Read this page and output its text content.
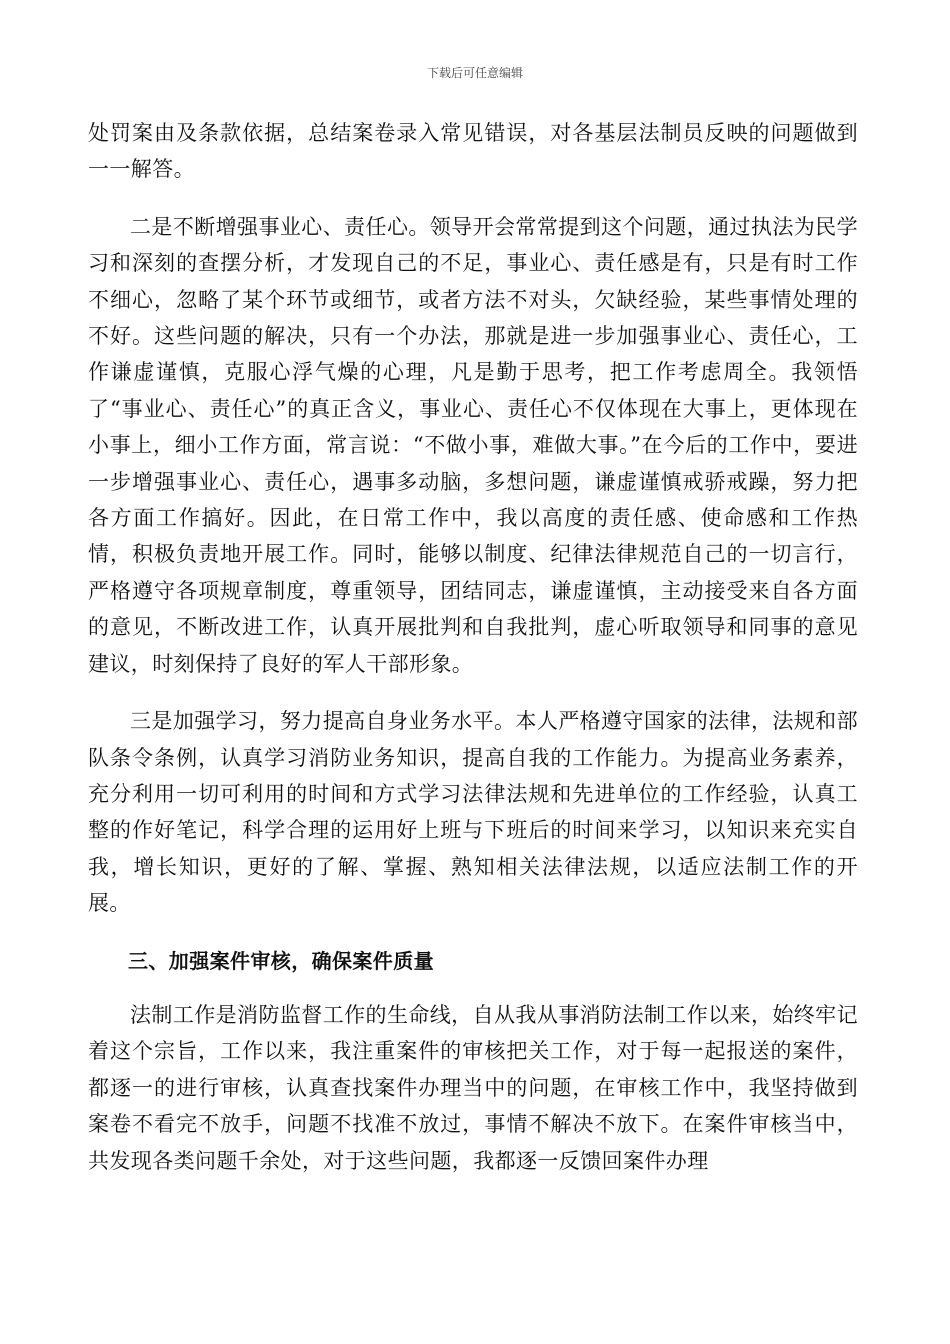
下载后可任意编辑

处罚案由及条款依据，总结案卷录入常见错误，对各基层法制员反映的问题做到一一解答。

二是不断增强事业心、责任心。领导开会常常提到这个问题，通过执法为民学习和深刻的查摆分析，才发现自己的不足，事业心、责任感是有，只是有时工作不细心，忽略了某个环节或细节，或者方法不对头，欠缺经验，某些事情处理的不好。这些问题的解决，只有一个办法，那就是进一步加强事业心、责任心，工作谦虚谨慎，克服心浮气燥的心理，凡是勤于思考，把工作考虑周全。我领悟了“事业心、责任心”的真正含义，事业心、责任心不仅体现在大事上，更体现在小事上，细小工作方面，常言说：“不做小事，难做大事。”在今后的工作中，要进一步增强事业心、责任心，遇事多动脑，多想问题，谦虚谨慎戒骄戒躁，努力把各方面工作搞好。因此，在日常工作中，我以高度的责任感、使命感和工作热情，积极负责地开展工作。同时，能够以制度、纪律法律规范自己的一切言行，严格遵守各项规章制度，尊重领导，团结同志，谦虚谨慎，主动接受来自各方面的意见，不断改进工作，认真开展批判和自我批判，虚心听取领导和同事的意见建议，时刻保持了良好的军人干部形象。

三是加强学习，努力提高自身业务水平。本人严格遵守国家的法律，法规和部队条令条例，认真学习消防业务知识，提高自我的工作能力。为提高业务素养，充分利用一切可利用的时间和方式学习法律法规和先进单位的工作经验，认真工整的作好笔记，科学合理的运用好上班与下班后的时间来学习，以知识来充实自我，增长知识，更好的了解、掌握、熟知相关法律法规，以适应法制工作的开展。

三、加强案件审核，确保案件质量

法制工作是消防监督工作的生命线，自从我从事消防法制工作以来，始终牢记着这个宗旨，工作以来，我注重案件的审核把关工作，对于每一起报送的案件，都逐一的进行审核，认真查找案件办理当中的问题，在审核工作中，我坚持做到案卷不看完不放手，问题不找准不放过，事情不解决不放下。在案件审核当中，共发现各类问题千余处，对于这些问题，我都逐一反馈回案件办理
